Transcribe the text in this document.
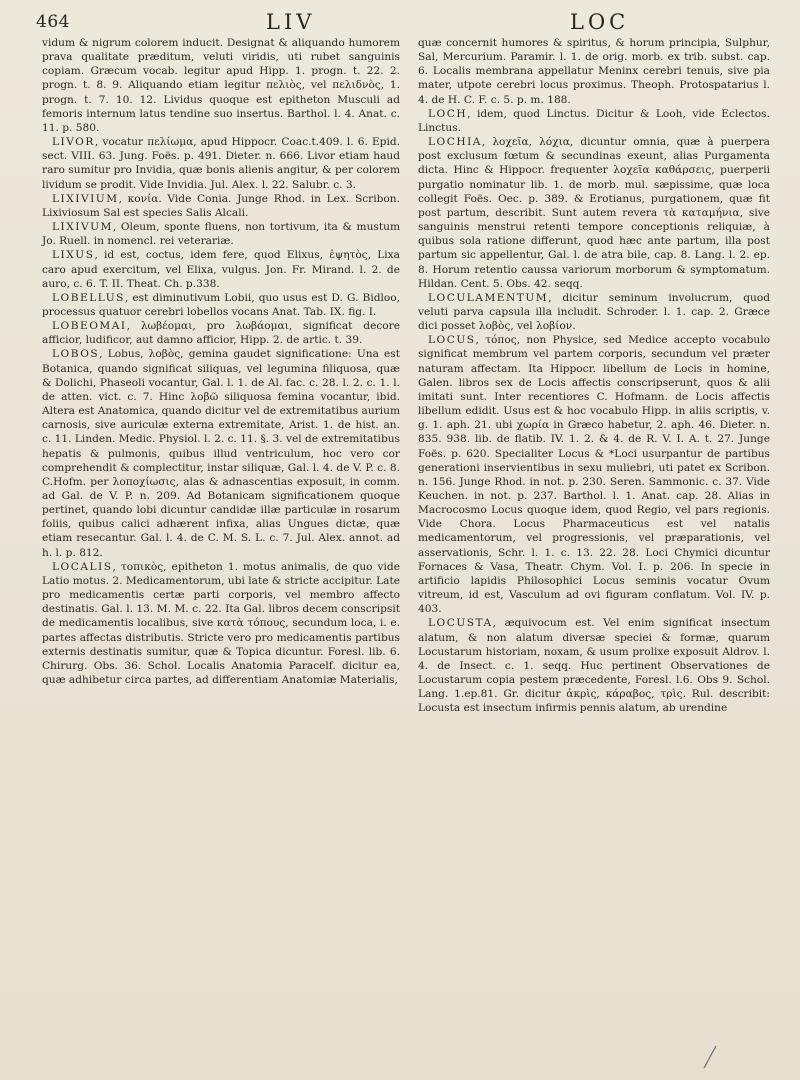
464	LIV	LOC

vidum & nigrum colorem inducit. Designat & aliquando humorem prava qualitate præditum, veluti viridis, uti rubet sanguinis copiam. Græcum vocab. legitur apud Hipp. 1. progn. t. 22. 2. progn. t. 8. 9. Aliquando etiam legitur πελιὸς, vel πελιδνὸς, 1. progn. t. 7. 10. 12. Lividus quoque est epitheton Musculi ad femoris internum latus tendine suo insertus. Barthol. l. 4. Anat. c. 11. p. 580.

LIVOR, vocatur πελίωμα, apud Hippocr. Coac.t.409. l. 6. Epid. sect. VIII. 63. Jung. Foës. p. 491. Dieter. n. 666. Livor etiam haud raro sumitur pro Invidia, quæ bonis alienis angitur, & per colorem lividum se prodit. Vide Invidia. Jul. Alex. l. 22. Salubr. c. 3.

LIXIVIUM, κονία. Vide Conia. Junge Rhod. in Lex. Scribon. Lixiviosum Sal est species Salis Alcali.

LIXIVUM, Oleum, sponte fluens, non tortivum, ita & mustum Jo. Ruell. in nomencl. rei veterariæ.

LIXUS, id est, coctus, idem fere, quod Elixus, ἑψητὸς, Lixa caro apud exercitum, vel Elixa, vulgus. Jon. Fr. Mirand. l. 2. de auro, c. 6. T. II. Theat. Ch. p.338.

LOBELLUS, est diminutivum Lobii, quo usus est D. G. Bidloo, processus quatuor cerebri lobellos vocans Anat. Tab. IX. fig. I.

LOBEOMAI, λωβέομαι, pro λωβάομαι, significat decore afficior, ludificor, aut damno afficior, Hipp. 2. de artic. t. 39.

LOBOS, Lobus, λοβὸς, gemina gaudet significatione: Una est Botanica, quando significat siliquas, vel legumina filiquosa, quæ & Dolichi, Phaseoli vocantur, Gal. l. 1. de Al. fac. c. 28. l. 2. c. 1. l. de atten. vict. c. 7. Hinc λοβῶ siliquosa femina vocantur, ibid. Altera est Anatomica, quando dicitur vel de extremitatibus aurium carnosis, sive auriculæ externa extremitate, Arist. 1. de hist. an. c. 11. Linden. Medic. Physiol. l. 2. c. 11. §. 3. vel de extremitatibus hepatis & pulmonis, quibus illud ventriculum, hoc vero cor comprehendit & complectitur, instar siliquæ, Gal. l. 4. de V. P. c. 8. C.Hofm. per λοποχίωσις, alas & adnascentias exposuit, in comm. ad Gal. de V. P. n. 209. Ad Botanicam significationem quoque pertinet, quando lobi dicuntur candidæ illæ particulæ in rosarum foliis, quibus calici adhærent infixa, alias Ungues dictæ, quæ etiam resecantur. Gal. l. 4. de C. M. S. L. c. 7. Jul. Alex. annot. ad h. l. p. 812.

LOCALIS, τοπικὸς, epitheton 1. motus animalis, de quo vide Latio motus. 2. Medicamentorum, ubi late & stricte accipitur. Late pro medicamentis certæ parti corporis, vel membro affecto destinatis. Gal. l. 13. M. M. c. 22. Ita Gal. libros decem conscripsit de medicamentis localibus, sive κατὰ τόπους, secundum loca, i. e. partes affectas distributis. Stricte vero pro medicamentis partibus externis destinatis sumitur, quæ & Topica dicuntur. Foresl. lib. 6. Chirurg. Obs. 36. Schol. Localis Anatomia Paracelf. dicitur ea, quæ adhibetur circa partes, ad differentiam Anatomiæ Materialis,

quæ concernit humores & spiritus, & horum principia, Sulphur, Sal, Mercurium. Paramir. l. 1. de orig. morb. ex trib. subst. cap. 6. Localis membrana appellatur Meninx cerebri tenuis, sive pia mater, utpote cerebri locus proximus. Theoph. Protospatarius l. 4. de H. C. F. c. 5. p. m. 188.

LOCH, idem, quod Linctus. Dicitur & Looh, vide Eclectos. Linctus.

LOCHIA, λοχεῖα, λόχια, dicuntur omnia, quæ à puerpera post exclusum fœtum & secundinas exeunt, alias Purgamenta dicta. Hinc & Hippocr. frequenter λοχεῖα καθάρσεις, puerperii purgatio nominatur lib. 1. de morb. mul. sæpissime, quæ loca collegit Foës. Oec. p. 389. & Erotianus, purgationem, quæ fit post partum, describit. Sunt autem revera τὰ καταμήνια, sive sanguinis menstrui retenti tempore conceptionis reliquiæ, à quibus sola ratione differunt, quod hæc ante partum, illa post partum sic appellentur, Gal. l. de atra bile, cap. 8. Lang. l. 2. ep. 8. Horum retentio caussa variorum morborum & symptomatum. Hildan. Cent. 5. Obs. 42. seqq.

LOCULAMENTUM, dicitur seminum involucrum, quod veluti parva capsula illa includit. Schroder. l. 1. cap. 2. Græce dici posset λοβὸς, vel λοβίον.

LOCUS, τόπος, non Physice, sed Medice accepto vocabulo significat membrum vel partem corporis, secundum vel præter naturam affectam. Ita Hippocr. libellum de Locis in homine, Galen. libros sex de Locis affectis conscripserunt, quos & alii imitati sunt. Inter recentiores C. Hofmann. de Locis affectis libellum edidit. Usus est & hoc vocabulo Hipp. in aliis scriptis, v. g. 1. aph. 21. ubi χωρία in Græco habetur, 2. aph. 46. Dieter. n. 835. 938. lib. de flatib. IV. 1. 2. & 4. de R. V. I. A. t. 27. Junge Foës. p. 620. Specialiter Locus & *Loci usurpantur de partibus generationi inservientibus in sexu muliebri, uti patet ex Scribon. n. 156. Junge Rhod. in not. p. 230. Seren. Sammonic. c. 37. Vide Keuchen. in not. p. 237. Barthol. l. 1. Anat. cap. 28. Alias in Macrocosmo Locus quoque idem, quod Regio, vel pars regionis. Vide Chora. Locus Pharmaceuticus est vel natalis medicamentorum, vel progressionis, vel præparationis, vel asservationis, Schr. l. 1. c. 13. 22. 28. Loci Chymici dicuntur Fornaces & Vasa, Theatr. Chym. Vol. I. p. 206. In specie in artificio lapidis Philosophici Locus seminis vocatur Ovum vitreum, id est, Vasculum ad ovi figuram conflatum. Vol. IV. p. 403.

LOCUSTA, æquivocum est. Vel enim significat insectum alatum, & non alatum diversæ speciei & formæ, quarum Locustarum historiam, noxam, & usum prolixe exposuit Aldrov. l. 4. de Insect. c. 1. seqq. Huc pertinent Observationes de Locustarum copia pestem præcedente, Foresl. l.6. Obs 9. Schol. Lang. 1.ep.81. Gr. dicitur ἀκρὶς, κάραβος, τρὶς. Rul. describit: Locusta est insectum infirmis pennis alatum, ab urendine
